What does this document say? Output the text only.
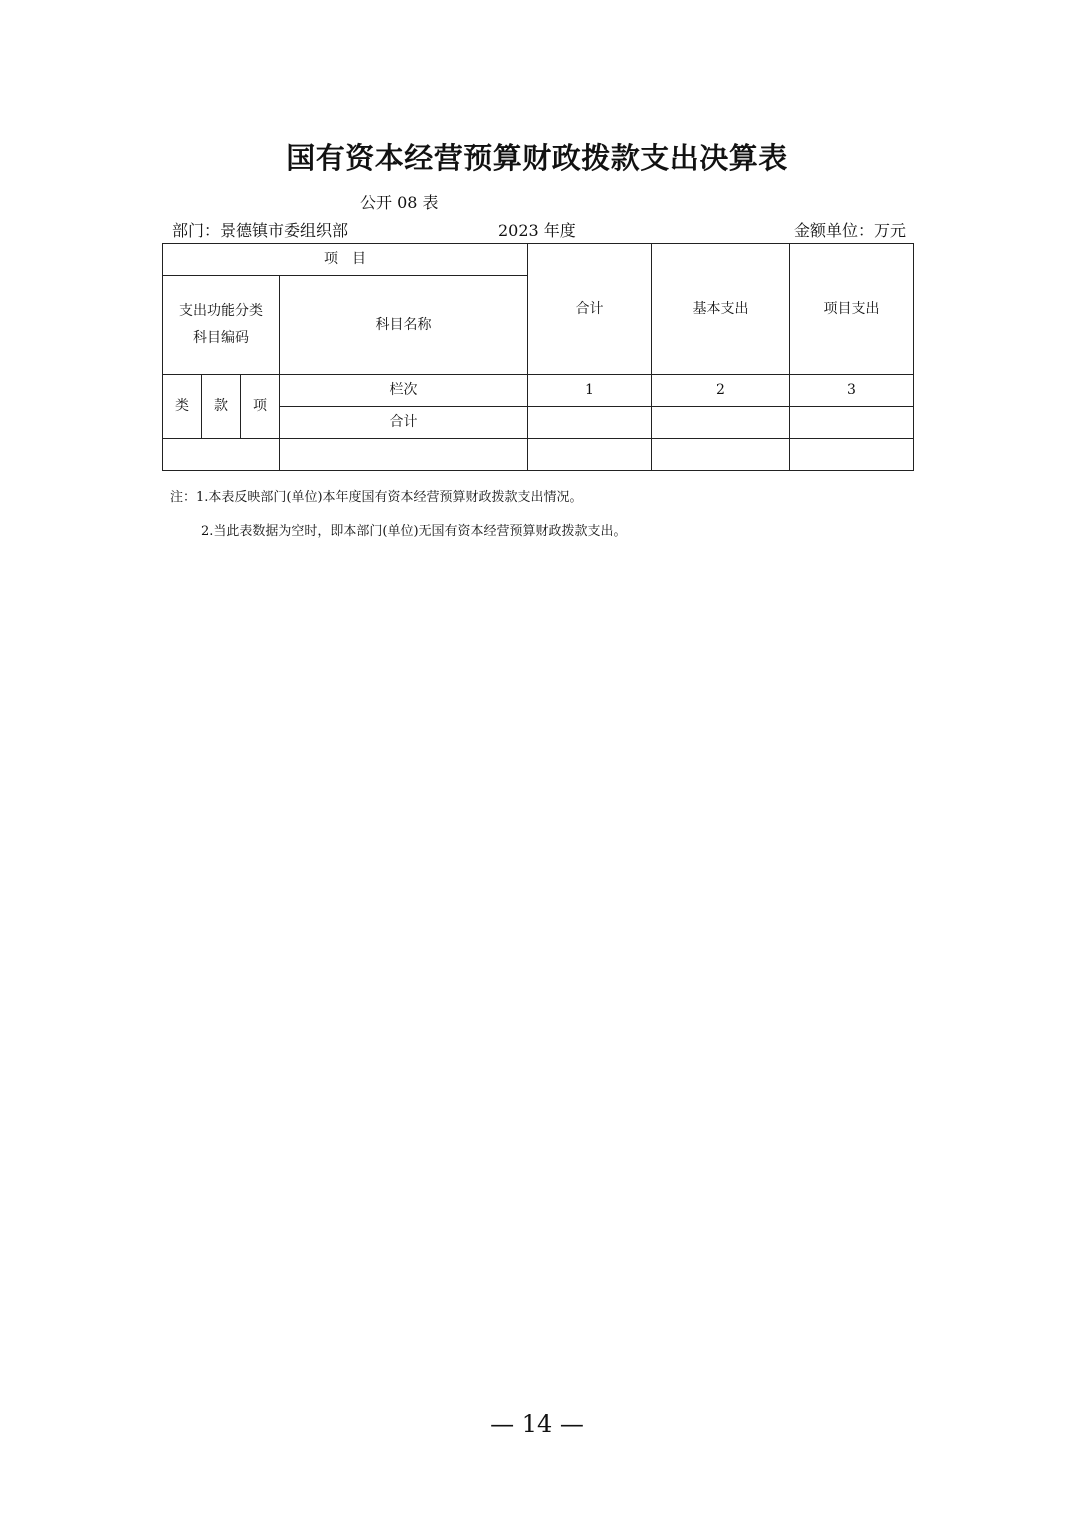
国有资本经营预算财政拨款支出决算表
公开 08 表
部门：景德镇市委组织部	2023 年度	金额单位：万元
项　目				合计	基本支出	项目支出

支出功能分类
科目编码			科目名称			
类	款	项	栏次	1	2	3
			合计			

注：1.本表反映部门(单位)本年度国有资本经营预算财政拨款支出情况。
2.当此表数据为空时，即本部门(单位)无国有资本经营预算财政拨款支出。
— 14 —
